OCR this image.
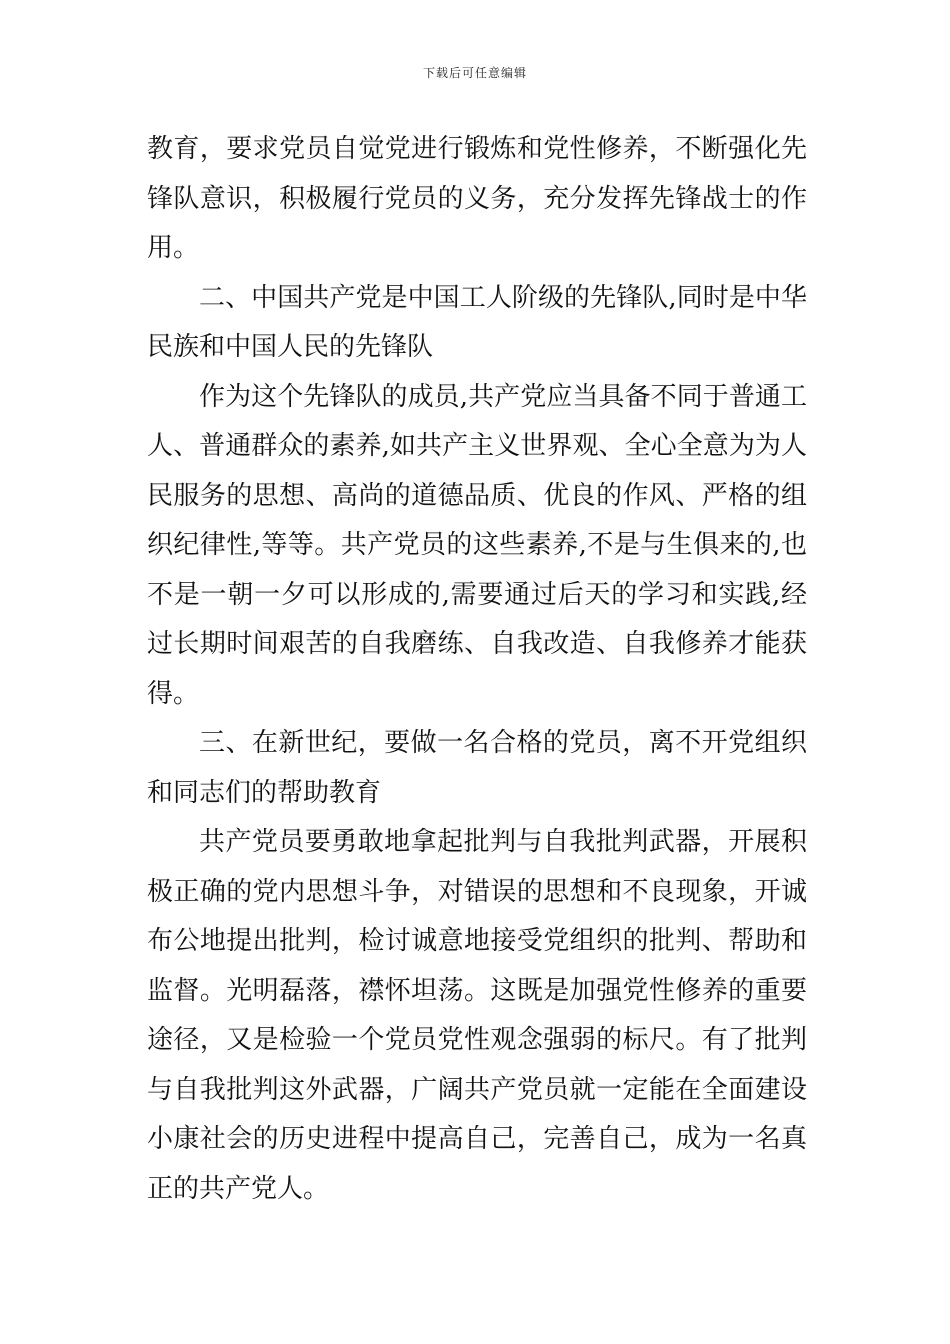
下载后可任意编辑

教育，要求党员自觉党进行锻炼和党性修养，不断强化先锋队意识，积极履行党员的义务，充分发挥先锋战士的作用。

二、中国共产党是中国工人阶级的先锋队,同时是中华民族和中国人民的先锋队

作为这个先锋队的成员,共产党应当具备不同于普通工人、普通群众的素养,如共产主义世界观、全心全意为为人民服务的思想、高尚的道德品质、优良的作风、严格的组织纪律性,等等。共产党员的这些素养,不是与生俱来的,也不是一朝一夕可以形成的,需要通过后天的学习和实践,经过长期时间艰苦的自我磨练、自我改造、自我修养才能获得。

三、在新世纪，要做一名合格的党员，离不开党组织和同志们的帮助教育

共产党员要勇敢地拿起批判与自我批判武器，开展积极正确的党内思想斗争，对错误的思想和不良现象，开诚布公地提出批判，检讨诚意地接受党组织的批判、帮助和监督。光明磊落，襟怀坦荡。这既是加强党性修养的重要途径，又是检验一个党员党性观念强弱的标尺。有了批判与自我批判这外武器，广阔共产党员就一定能在全面建设小康社会的历史进程中提高自己，完善自己，成为一名真正的共产党人。
